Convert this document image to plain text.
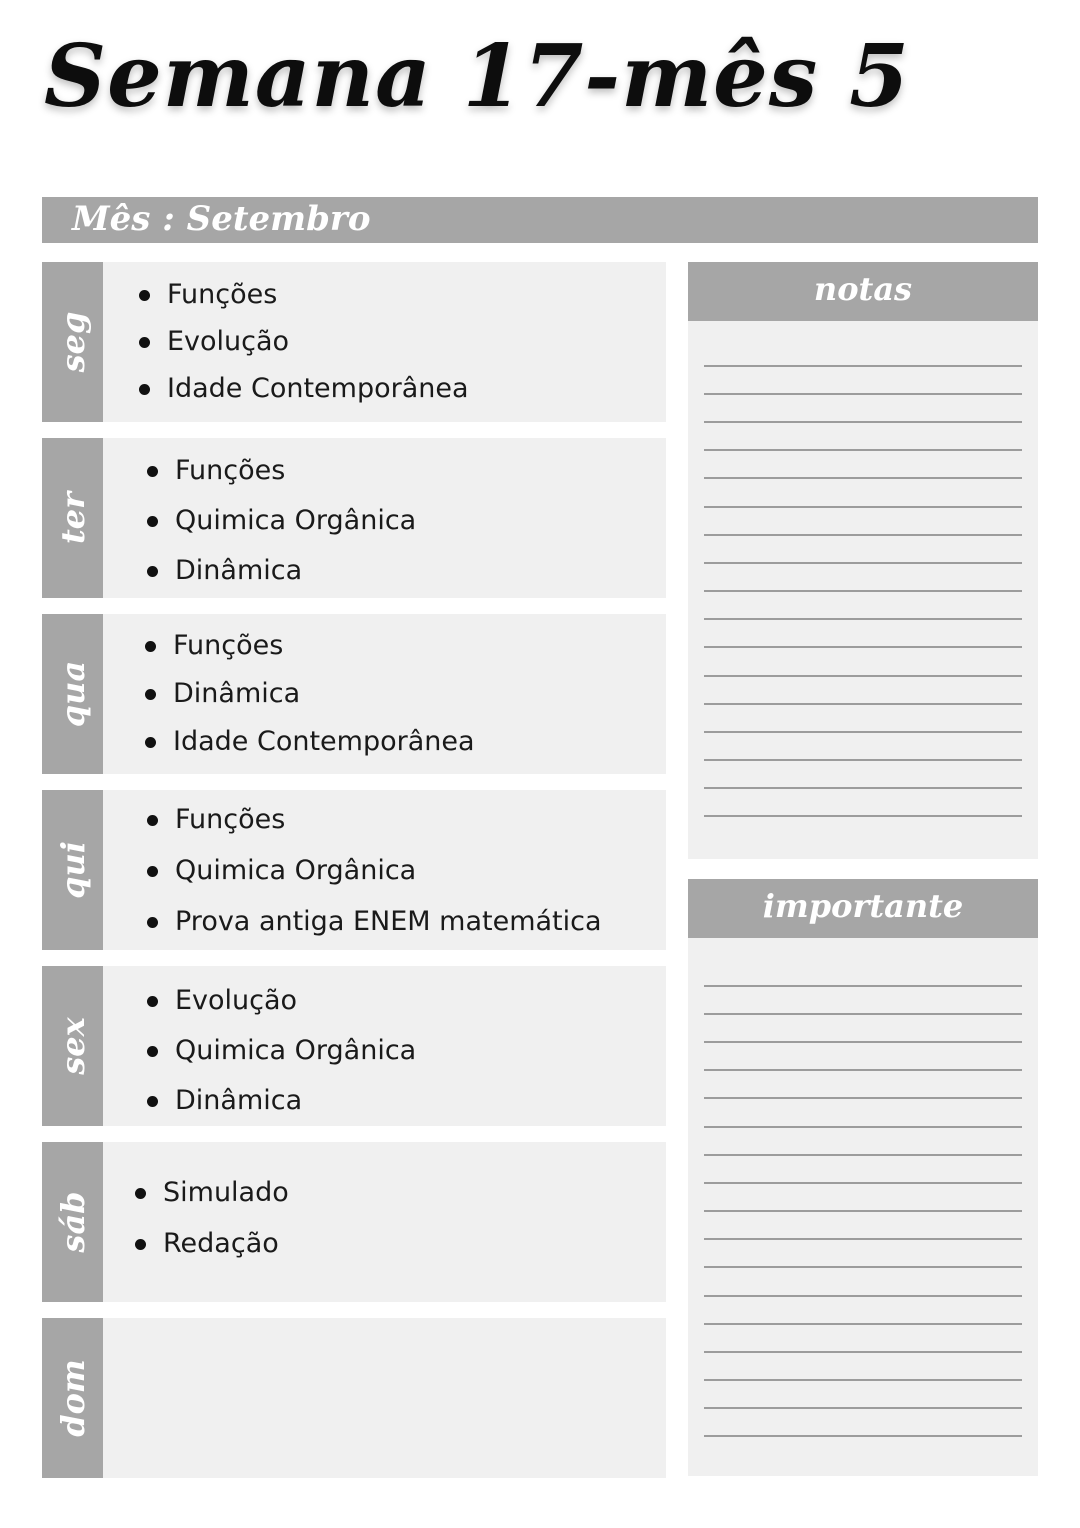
Semana 17-mês 5
Mês : Setembro
seg
Funções
Evolução
Idade Contemporânea
ter
Funções
Quimica Orgânica
Dinâmica
qua
Funções
Dinâmica
Idade Contemporânea
qui
Funções
Quimica Orgânica
Prova antiga ENEM matemática
sex
Evolução
Quimica Orgânica
Dinâmica
sáb	Simulado
Redação
dom
notas
importante
